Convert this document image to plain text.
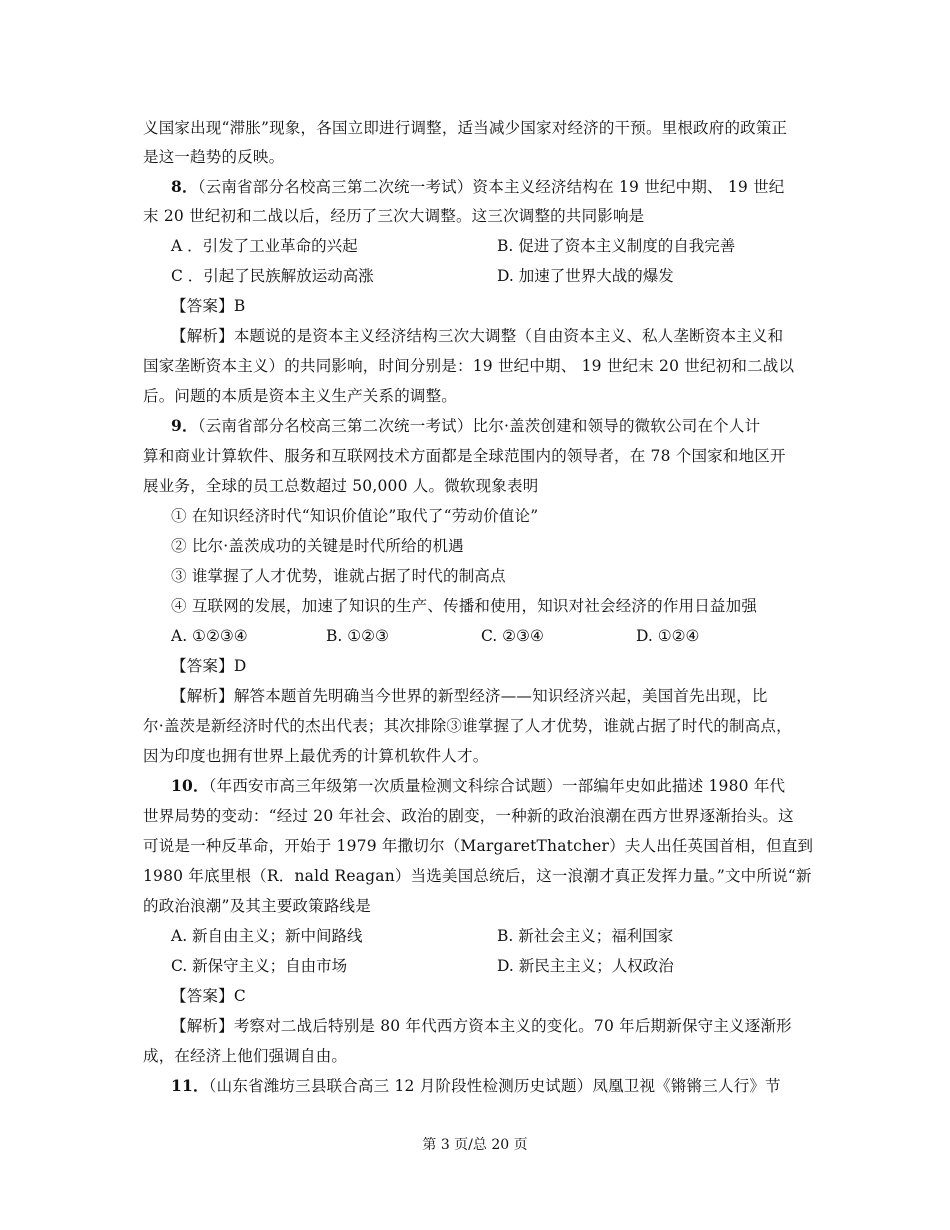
义国家出现“滞胀”现象，各国立即进行调整，适当减少国家对经济的干预。里根政府的政策正
是这一趋势的反映。
8．（云南省部分名校高三第二次统一考试）资本主义经济结构在 19 世纪中期、 19 世纪
末 20 世纪初和二战以后，经历了三次大调整。这三次调整的共同影响是
A ．引发了工业革命的兴起	B. 促进了资本主义制度的自我完善
C ．引起了民族解放运动高涨	D. 加速了世界大战的爆发
【答案】B
【解析】本题说的是资本主义经济结构三次大调整（自由资本主义、私人垄断资本主义和
国家垄断资本主义）的共同影响，时间分别是：19 世纪中期、 19 世纪末 20 世纪初和二战以
后。问题的本质是资本主义生产关系的调整。
9．（云南省部分名校高三第二次统一考试）比尔·盖茨创建和领导的微软公司在个人计
算和商业计算软件、服务和互联网技术方面都是全球范围内的领导者，在 78 个国家和地区开
展业务，全球的员工总数超过 50,000 人。微软现象表明
① 在知识经济时代“知识价值论”取代了“劳动价值论”
② 比尔·盖茨成功的关键是时代所给的机遇
③ 谁掌握了人才优势，谁就占据了时代的制高点
④ 互联网的发展，加速了知识的生产、传播和使用，知识对社会经济的作用日益加强
A. ①②③④	B. ①②③	C. ②③④	D. ①②④
【答案】D
【解析】解答本题首先明确当今世界的新型经济——知识经济兴起，美国首先出现，比
尔·盖茨是新经济时代的杰出代表；其次排除③谁掌握了人才优势，谁就占据了时代的制高点，
因为印度也拥有世界上最优秀的计算机软件人才。
10．（年西安市高三年级第一次质量检测文科综合试题）一部编年史如此描述 1980 年代
世界局势的变动：“经过 20 年社会、政治的剧变，一种新的政治浪潮在西方世界逐渐抬头。这
可说是一种反革命，开始于 1979 年撒切尔（MargaretThatcher）夫人出任英国首相，但直到
1980 年底里根（R．nald Reagan）当选美国总统后，这一浪潮才真正发挥力量。”文中所说“新
的政治浪潮”及其主要政策路线是
A. 新自由主义；新中间路线	B. 新社会主义；福利国家
C. 新保守主义；自由市场	D. 新民主主义；人权政治
【答案】C
【解析】考察对二战后特别是 80 年代西方资本主义的变化。70 年后期新保守主义逐渐形
成，在经济上他们强调自由。
11．（山东省潍坊三县联合高三 12 月阶段性检测历史试题）凤凰卫视《锵锵三人行》节
第 3 页/总 20 页
